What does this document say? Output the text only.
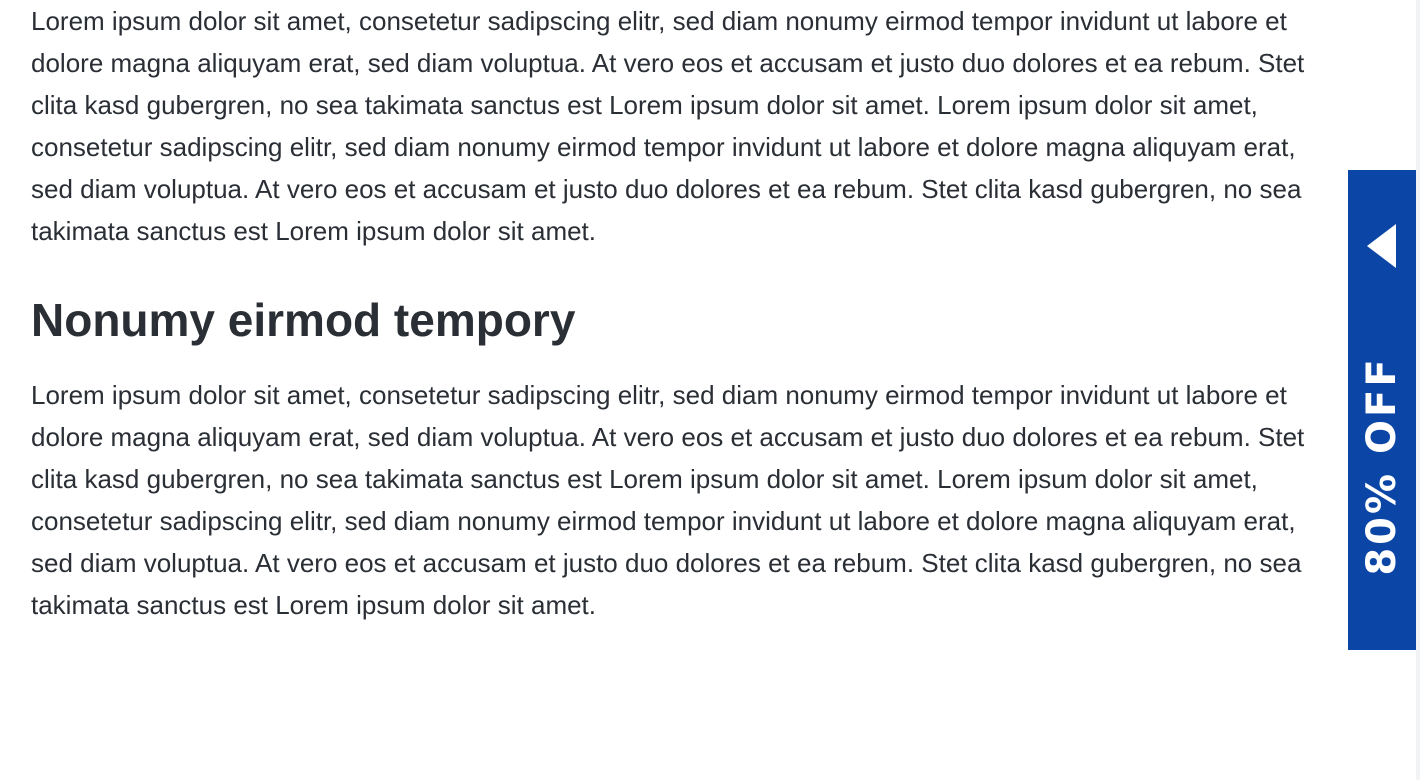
Lorem ipsum dolor sit amet, consetetur sadipscing elitr, sed diam nonumy eirmod tempor invidunt ut labore et dolore magna aliquyam erat, sed diam voluptua. At vero eos et accusam et justo duo dolores et ea rebum. Stet clita kasd gubergren, no sea takimata sanctus est Lorem ipsum dolor sit amet. Lorem ipsum dolor sit amet, consetetur sadipscing elitr, sed diam nonumy eirmod tempor invidunt ut labore et dolore magna aliquyam erat, sed diam voluptua. At vero eos et accusam et justo duo dolores et ea rebum. Stet clita kasd gubergren, no sea takimata sanctus est Lorem ipsum dolor sit amet.

Nonumy eirmod tempory

Lorem ipsum dolor sit amet, consetetur sadipscing elitr, sed diam nonumy eirmod tempor invidunt ut labore et dolore magna aliquyam erat, sed diam voluptua. At vero eos et accusam et justo duo dolores et ea rebum. Stet clita kasd gubergren, no sea takimata sanctus est Lorem ipsum dolor sit amet. Lorem ipsum dolor sit amet, consetetur sadipscing elitr, sed diam nonumy eirmod tempor invidunt ut labore et dolore magna aliquyam erat, sed diam voluptua. At vero eos et accusam et justo duo dolores et ea rebum. Stet clita kasd gubergren, no sea takimata sanctus est Lorem ipsum dolor sit amet.

80% OFF
